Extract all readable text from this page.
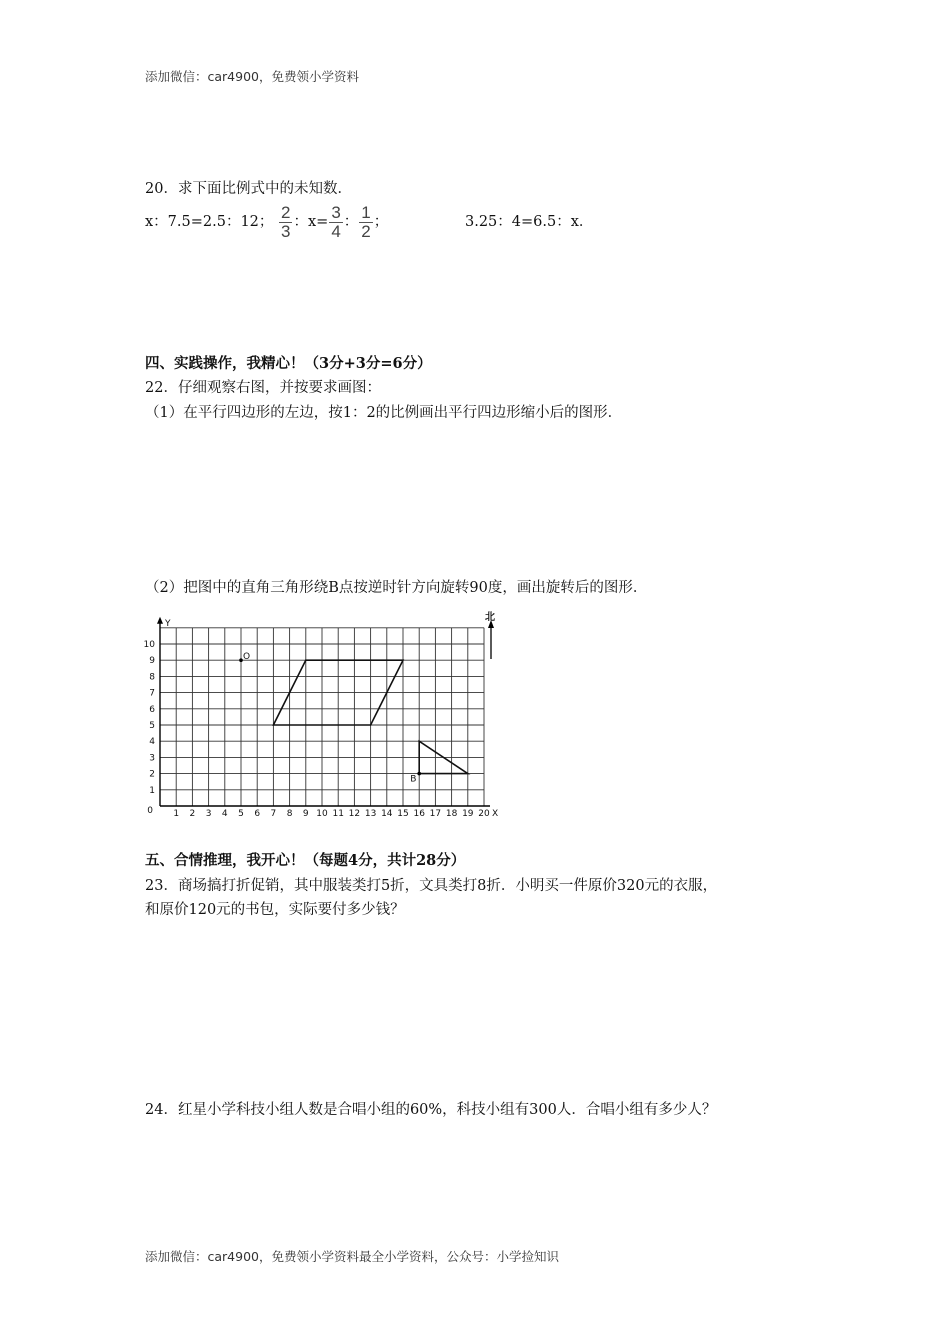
添加微信：car4900，免费领小学资料
20．求下面比例式中的未知数．
x：7.5=2.5：12； $\frac{2}{3}$ ：$x= \frac{3}{4}$ ： $\frac{1}{2}$ ；	3.25：4=6.5：x．
四、实践操作，我精心！（3分+3分=6分）
22．仔细观察右图，并按要求画图：
（1）在平行四边形的左边，按1：2的比例画出平行四边形缩小后的图形．
（2）把图中的直角三角形绕B点按逆时针方向旋转90度，画出旋转后的图形．
1 2 3 4 5 6 7 8 9 10 11 12 13 14 15 16 17 18 19 20
1
2
3
4
5
6
7
8
9
10
0
Y
X
北
O
B
五、合情推理，我开心！（每题4分，共计28分）
23．商场搞打折促销，其中服装类打5折，文具类打8折．小明买一件原价320元的衣服，
和原价120元的书包，实际要付多少钱？
24．红星小学科技小组人数是合唱小组的60%，科技小组有300人．合唱小组有多少人？
添加微信：car4900，免费领小学资料最全小学资料，公众号：小学捡知识
